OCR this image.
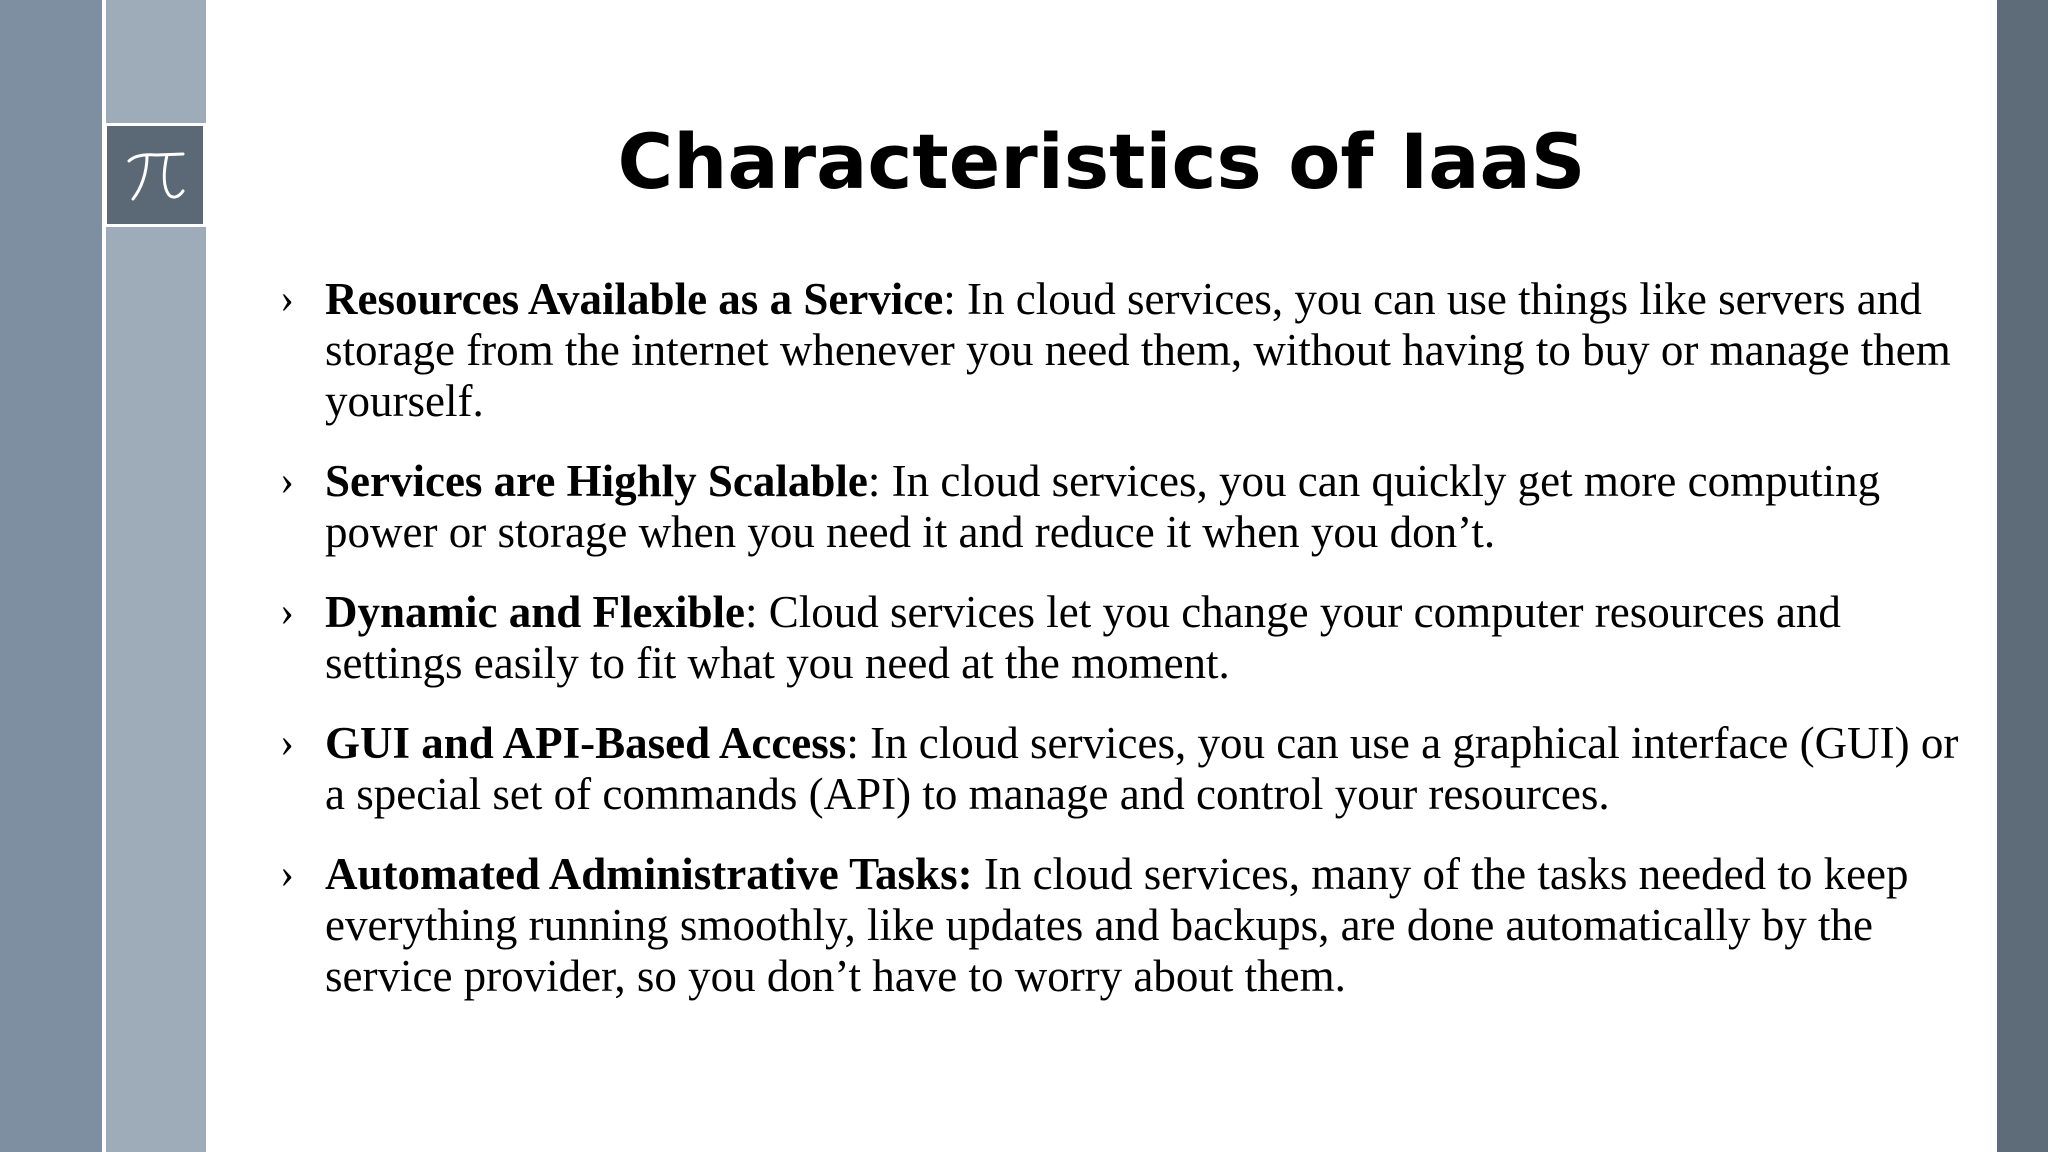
Characteristics of IaaS
› Resources Available as a Service: In cloud services, you can use things like servers and storage from the internet whenever you need them, without having to buy or manage them yourself.
› Services are Highly Scalable: In cloud services, you can quickly get more computing power or storage when you need it and reduce it when you don’t.
› Dynamic and Flexible: Cloud services let you change your computer resources and settings easily to fit what you need at the moment.
› GUI and API-Based Access: In cloud services, you can use a graphical interface (GUI) or a special set of commands (API) to manage and control your resources.
› Automated Administrative Tasks: In cloud services, many of the tasks needed to keep everything running smoothly, like updates and backups, are done automatically by the service provider, so you don’t have to worry about them.
